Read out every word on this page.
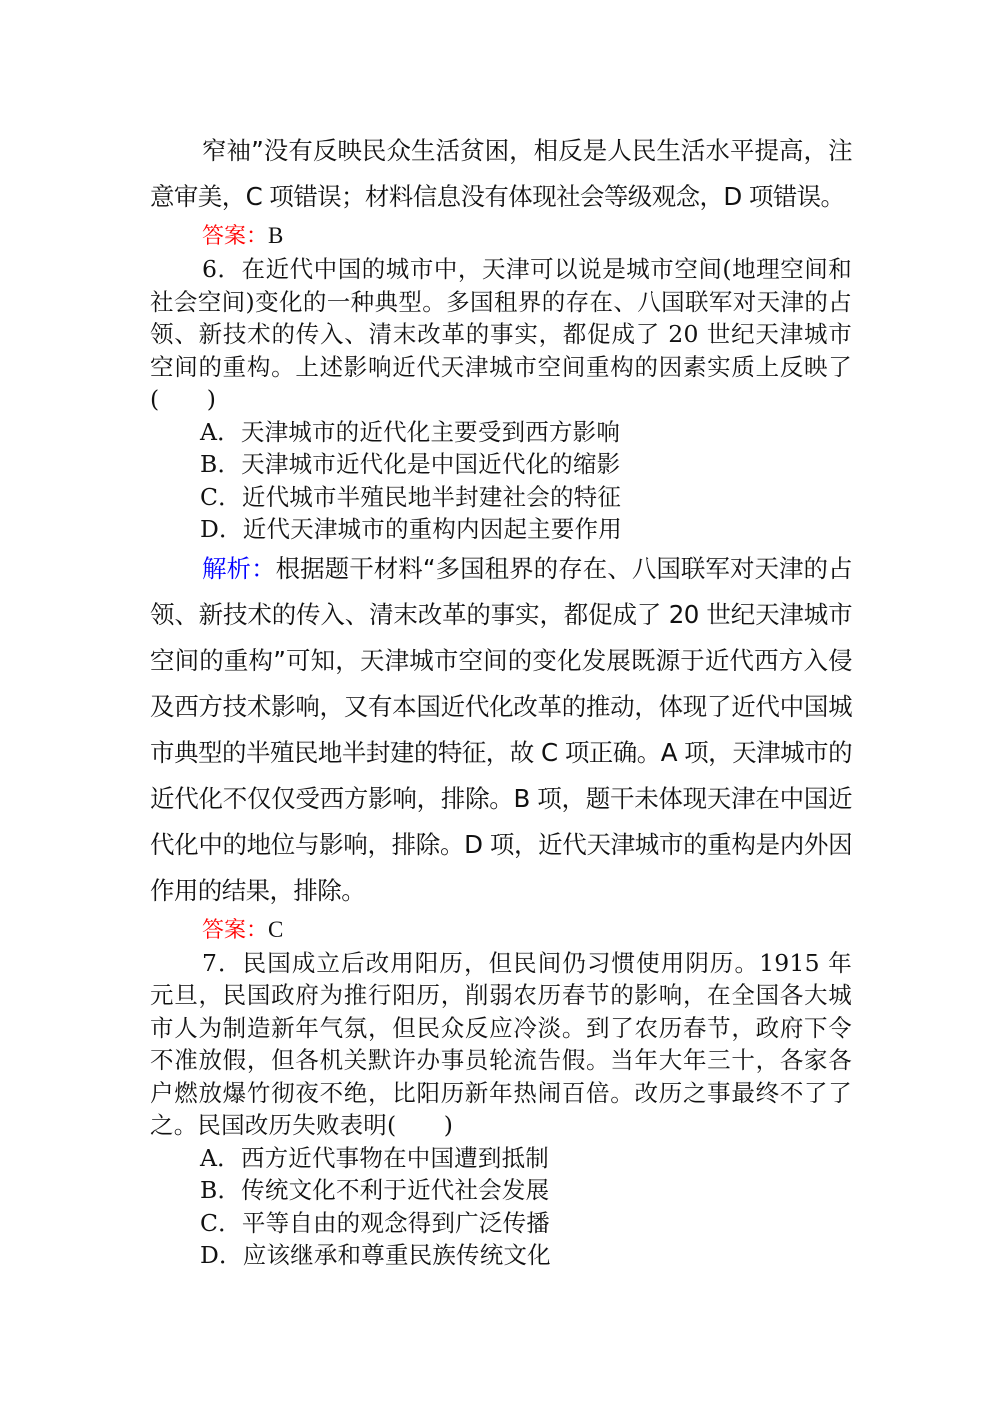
窄袖”没有反映民众生活贫困，相反是人民生活水平提高，注意审美，C 项错误；材料信息没有体现社会等级观念，D 项错误。

答案：B

6．在近代中国的城市中，天津可以说是城市空间(地理空间和社会空间)变化的一种典型。多国租界的存在、八国联军对天津的占领、新技术的传入、清末改革的事实，都促成了 20 世纪天津城市空间的重构。上述影响近代天津城市空间重构的因素实质上反映了(　　)

A．天津城市的近代化主要受到西方影响

B．天津城市近代化是中国近代化的缩影

C．近代城市半殖民地半封建社会的特征

D．近代天津城市的重构内因起主要作用

解析：根据题干材料“多国租界的存在、八国联军对天津的占领、新技术的传入、清末改革的事实，都促成了 20 世纪天津城市空间的重构”可知，天津城市空间的变化发展既源于近代西方入侵及西方技术影响，又有本国近代化改革的推动，体现了近代中国城市典型的半殖民地半封建的特征，故 C 项正确。A 项，天津城市的近代化不仅仅受西方影响，排除。B 项，题干未体现天津在中国近代化中的地位与影响，排除。D 项，近代天津城市的重构是内外因作用的结果，排除。

答案：C

7．民国成立后改用阳历，但民间仍习惯使用阴历。1915 年元旦，民国政府为推行阳历，削弱农历春节的影响，在全国各大城市人为制造新年气氛，但民众反应冷淡。到了农历春节，政府下令不准放假，但各机关默许办事员轮流告假。当年大年三十，各家各户燃放爆竹彻夜不绝，比阳历新年热闹百倍。改历之事最终不了了之。民国改历失败表明(　　)

A．西方近代事物在中国遭到抵制

B．传统文化不利于近代社会发展

C．平等自由的观念得到广泛传播

D．应该继承和尊重民族传统文化
